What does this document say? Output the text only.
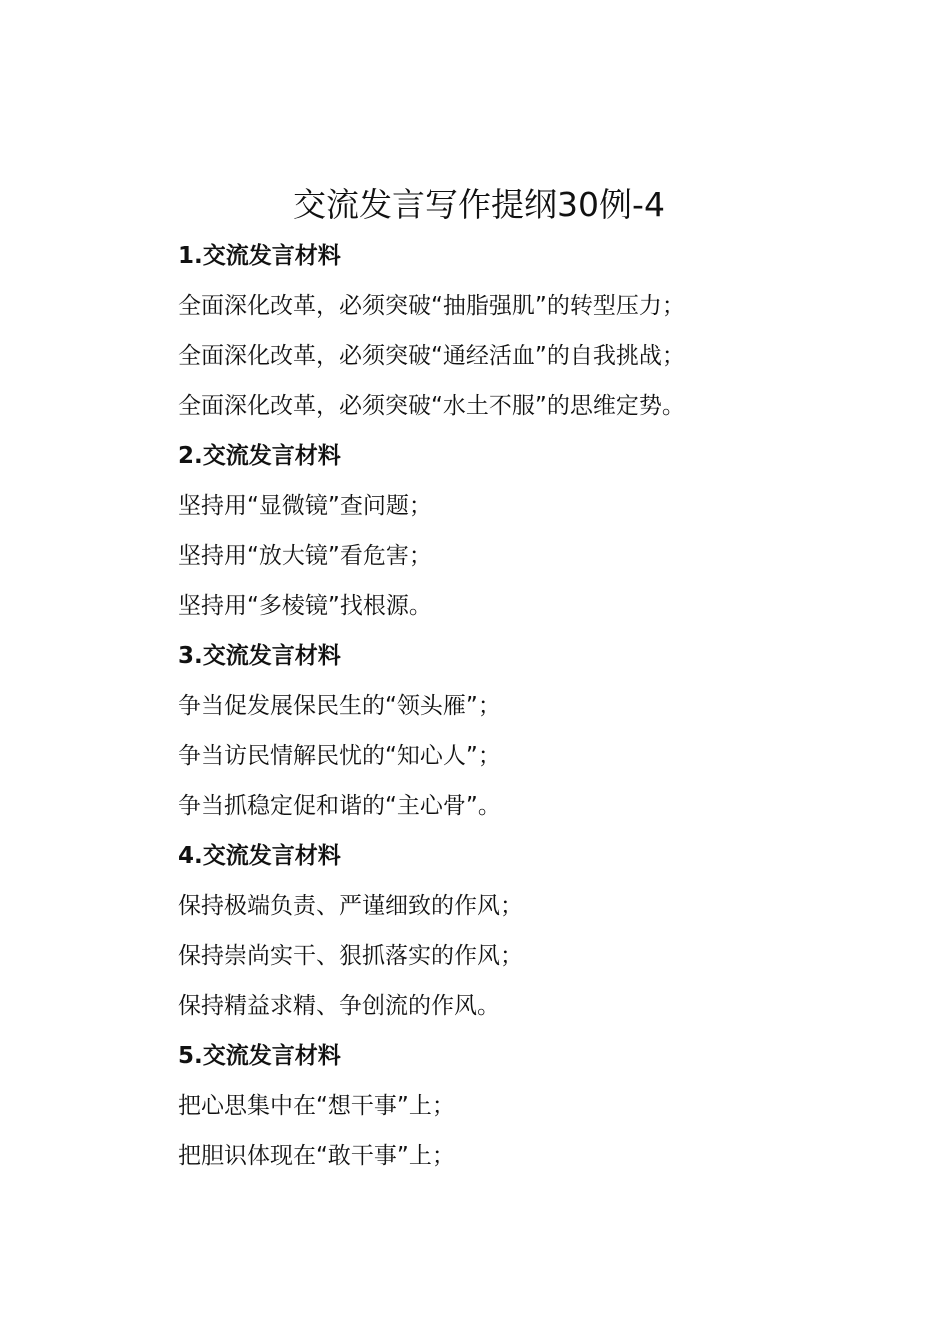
交流发言写作提纲30例-4
1.交流发言材料
全面深化改革，必须突破“抽脂强肌”的转型压力；
全面深化改革，必须突破“通经活血”的自我挑战；
全面深化改革，必须突破“水土不服”的思维定势。
2.交流发言材料
坚持用“显微镜”查问题；
坚持用“放大镜”看危害；
坚持用“多棱镜”找根源。
3.交流发言材料
争当促发展保民生的“领头雁”；
争当访民情解民忧的“知心人”；
争当抓稳定促和谐的“主心骨”。
4.交流发言材料
保持极端负责、严谨细致的作风；
保持崇尚实干、狠抓落实的作风；
保持精益求精、争创流的作风。
5.交流发言材料
把心思集中在“想干事”上；
把胆识体现在“敢干事”上；
